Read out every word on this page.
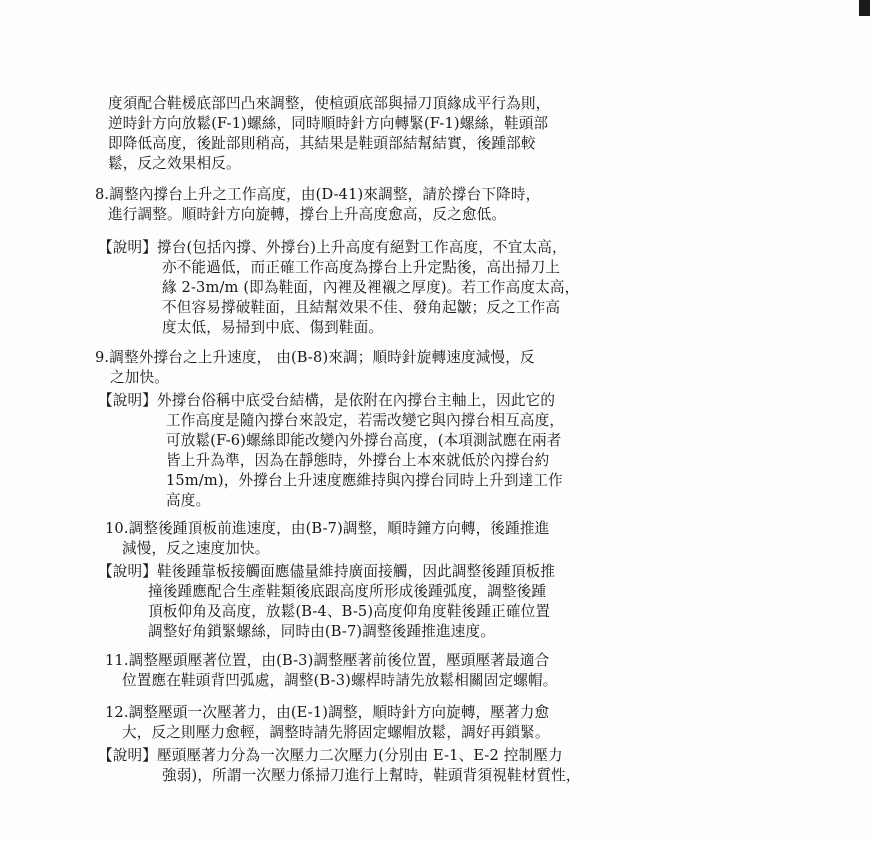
度須配合鞋楥底部凹凸來調整，使楦頭底部與掃刀頂緣成平行為則，
逆時針方向放鬆(F-1)螺絲，同時順時針方向轉緊(F-1)螺絲，鞋頭部
即降低高度，後趾部則稍高，其結果是鞋頭部結幫結實，後踵部較
鬆，反之效果相反。
8.調整內撐台上升之工作高度，由(D-41)來調整，請於撐台下降時，
進行調整。順時針方向旋轉，撐台上升高度愈高，反之愈低。
【說明】撐台(包括內撐、外撐台)上升高度有絕對工作高度，不宜太高，
亦不能過低，而正確工作高度為撐台上升定點後，高出掃刀上
緣 2-3m/m (即為鞋面，內裡及裡襯之厚度)。若工作高度太高，
不但容易撐破鞋面，且結幫效果不佳、發角起皺；反之工作高
度太低，易掃到中底、傷到鞋面。
9.調整外撐台之上升速度， 由(B-8)來調；順時針旋轉速度減慢，反
之加快。
【說明】外撐台俗稱中底受台結構，是依附在內撐台主軸上，因此它的
工作高度是隨內撐台來設定，若需改變它與內撐台相互高度，
可放鬆(F-6)螺絲即能改變內外撐台高度，(本項測試應在兩者
皆上升為準，因為在靜態時，外撐台上本來就低於內撐台約
15m/m)，外撐台上升速度應維持與內撐台同時上升到達工作
高度。
10.調整後踵頂板前進速度，由(B-7)調整，順時鐘方向轉，後踵推進
減慢，反之速度加快。
【說明】鞋後踵靠板接觸面應儘量維持廣面接觸，因此調整後踵頂板推
撞後踵應配合生產鞋類後底跟高度所形成後踵弧度，調整後踵
頂板仰角及高度，放鬆(B-4、B-5)高度仰角度鞋後踵正確位置
調整好角鎖緊螺絲，同時由(B-7)調整後踵推進速度。
11.調整壓頭壓著位置，由(B-3)調整壓著前後位置，壓頭壓著最適合
位置應在鞋頭背凹弧處，調整(B-3)螺桿時請先放鬆相關固定螺帽。
12.調整壓頭一次壓著力，由(E-1)調整，順時針方向旋轉，壓著力愈
大，反之則壓力愈輕，調整時請先將固定螺帽放鬆，調好再鎖緊。
【說明】壓頭壓著力分為一次壓力二次壓力(分別由 E-1、E-2 控制壓力
強弱)，所謂一次壓力係掃刀進行上幫時，鞋頭背須視鞋材質性，
